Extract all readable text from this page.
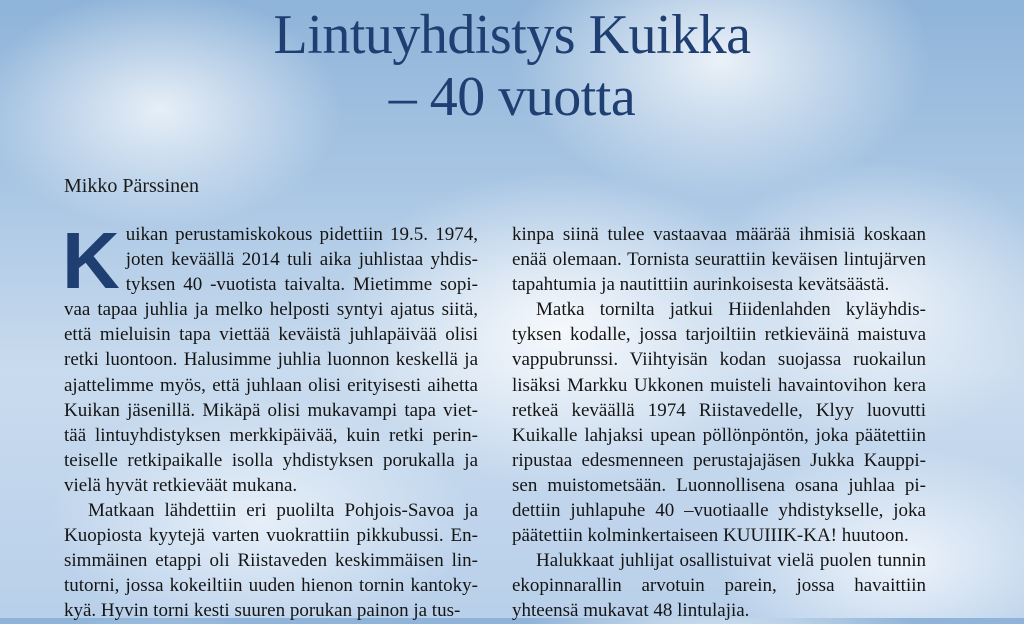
Lintuyhdistys Kuikka
– 40 vuotta

Mikko Pärssinen

Kuikan perustamiskokous pidettiin 19.5. 1974, joten keväällä 2014 tuli aika juhlistaa yhdistyksen 40 -vuotista taivalta. Mietimme sopivaa tapaa juhlia ja melko helposti syntyi ajatus siitä, että mieluisin tapa viettää keväistä juhlapäivää olisi retki luontoon. Halusimme juhlia luonnon keskellä ja ajattelimme myös, että juhlaan olisi erityisesti aihetta Kuikan jäsenillä. Mikäpä olisi mukavampi tapa viettää lintuyhdistyksen merkkipäivää, kuin retki perinteiselle retkipaikalle isolla yhdistyksen porukalla ja vielä hyvät retkieväät mukana.

Matkaan lähdettiin eri puolilta Pohjois-Savoa ja Kuopiosta kyytejä varten vuokrattiin pikkubussi. Ensimmäinen etappi oli Riistaveden keskimmäisen lintutorni, jossa kokeiltiin uuden hienon tornin kantokykyä. Hyvin torni kesti suuren porukan painon ja tus-

kinpa siinä tulee vastaavaa määrää ihmisiä koskaan enää olemaan. Tornista seurattiin keväisen lintujärven tapahtumia ja nautittiin aurinkoisesta kevätsäästä.

Matka tornilta jatkui Hiidenlahden kyläyhdistyksen kodalle, jossa tarjoiltiin retkieväinä maistuva vappubrunssi. Viihtyisän kodan suojassa ruokailun lisäksi Markku Ukkonen muisteli havaintovihon kera retkeä keväällä 1974 Riistavedelle, Klyy luovutti Kuikalle lahjaksi upean pöllönpöntön, joka päätettiin ripustaa edesmenneen perustajajäsen Jukka Kauppisen muistometsään. Luonnollisena osana juhlaa pidettiin juhlapuhe 40 –vuotiaalle yhdistykselle, joka päätettiin kolminkertaiseen KUUIIIK-KA! huutoon.

Halukkaat juhlijat osallistuivat vielä puolen tunnin ekopinnarallin arvotuin parein, jossa havaittiin yhteensä mukavat 48 lintulajia.
